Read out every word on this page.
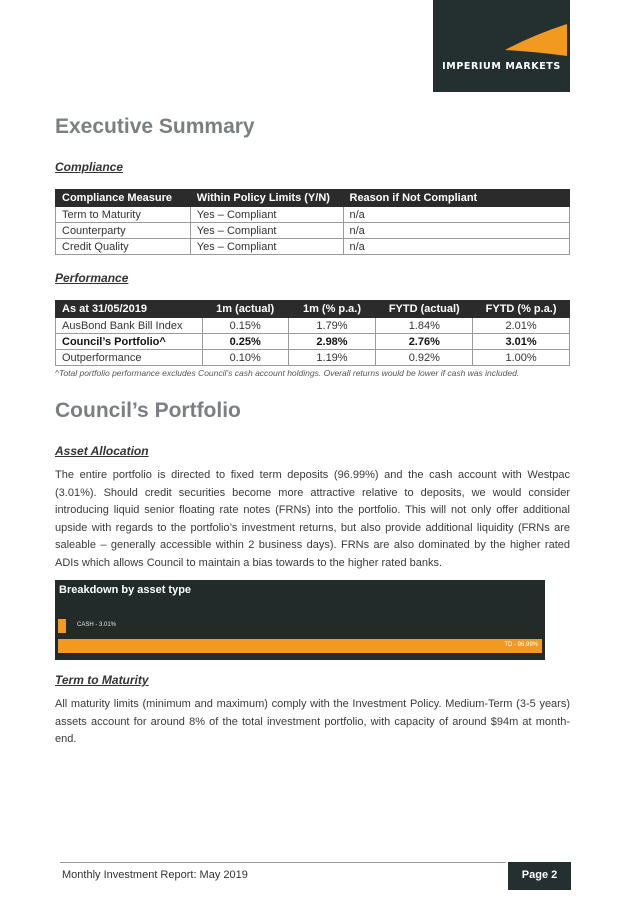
IMPERIUM MARKETS
Executive Summary
Compliance
Compliance Measure	Within Policy Limits (Y/N)	Reason if Not Compliant
Term to Maturity	Yes – Compliant	n/a
Counterparty	Yes – Compliant	n/a
Credit Quality	Yes – Compliant	n/a
Performance
As at 31/05/2019	1m (actual)	1m (% p.a.)	FYTD (actual)	FYTD (% p.a.)
AusBond Bank Bill Index	0.15%	1.79%	1.84%	2.01%
Council’s Portfolio^	0.25%	2.98%	2.76%	3.01%
Outperformance	0.10%	1.19%	0.92%	1.00%
^Total portfolio performance excludes Council’s cash account holdings. Overall returns would be lower if cash was included.
Council’s Portfolio
Asset Allocation

The entire portfolio is directed to fixed term deposits (96.99%) and the cash account with Westpac (3.01%). Should credit securities become more attractive relative to deposits, we would consider introducing liquid senior floating rate notes (FRNs) into the portfolio. This will not only offer additional upside with regards to the portfolio’s investment returns, but also provide additional liquidity (FRNs are saleable – generally accessible within 2 business days). FRNs are also dominated by the higher rated ADIs which allows Council to maintain a bias towards to the higher rated banks.

Breakdown by asset type
CASH - 3.01%
TD - 96.99%
Term to Maturity

All maturity limits (minimum and maximum) comply with the Investment Policy. Medium-Term (3-5 years) assets account for around 8% of the total investment portfolio, with capacity of around $94m at month-end.

Monthly Investment Report: May 2019	Page 2
